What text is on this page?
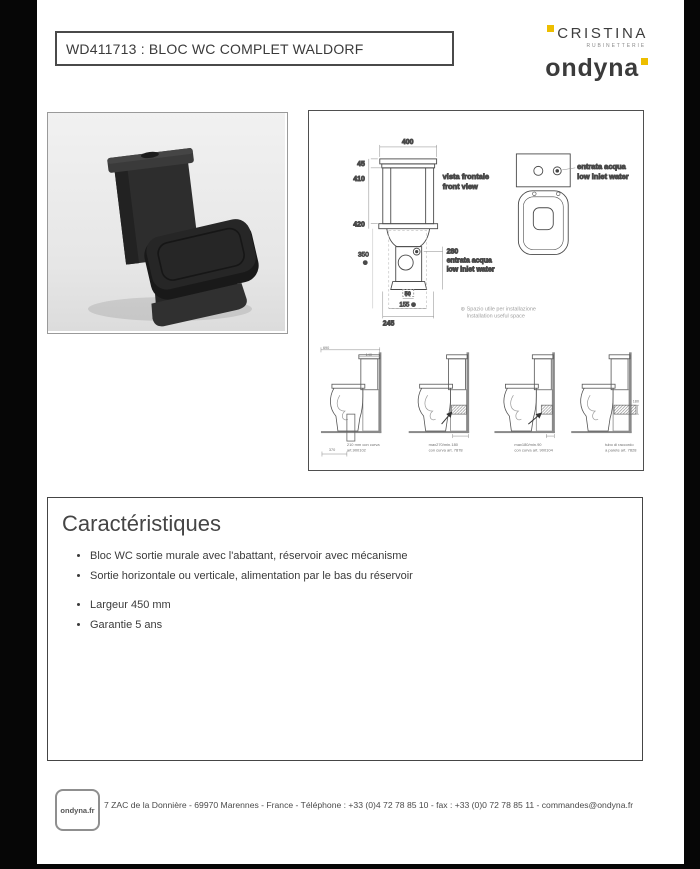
WD411713 : BLOC WC COMPLET WALDORF
CRISTINA
RUBINETTERIE
ondyna
400
45
410
420
350
⊛
280
entrata acqua
low inlet water
50
155 ⊛
245
vista frontale
front view
entrata acqua
low inlet water
⊛ Spazio utile per installazione
Installation useful space
690
140
370
210 mm con curva
art.900102
max270/min.180
con curva art. 7878
max180/min.90
con curva art. 900104
180
tubo di raccordo
a parete art. 7828
Caractéristiques
• Bloc WC sortie murale avec l'abattant, réservoir avec mécanisme
• Sortie horizontale ou verticale, alimentation par le bas du réservoir
• Largeur 450 mm
• Garantie 5 ans
ondyna.fr	7 ZAC de la Donnière - 69970 Marennes - France - Téléphone : +33 (0)4 72 78 85 10 - fax : +33 (0)0 72 78 85 11 - commandes@ondyna.fr
